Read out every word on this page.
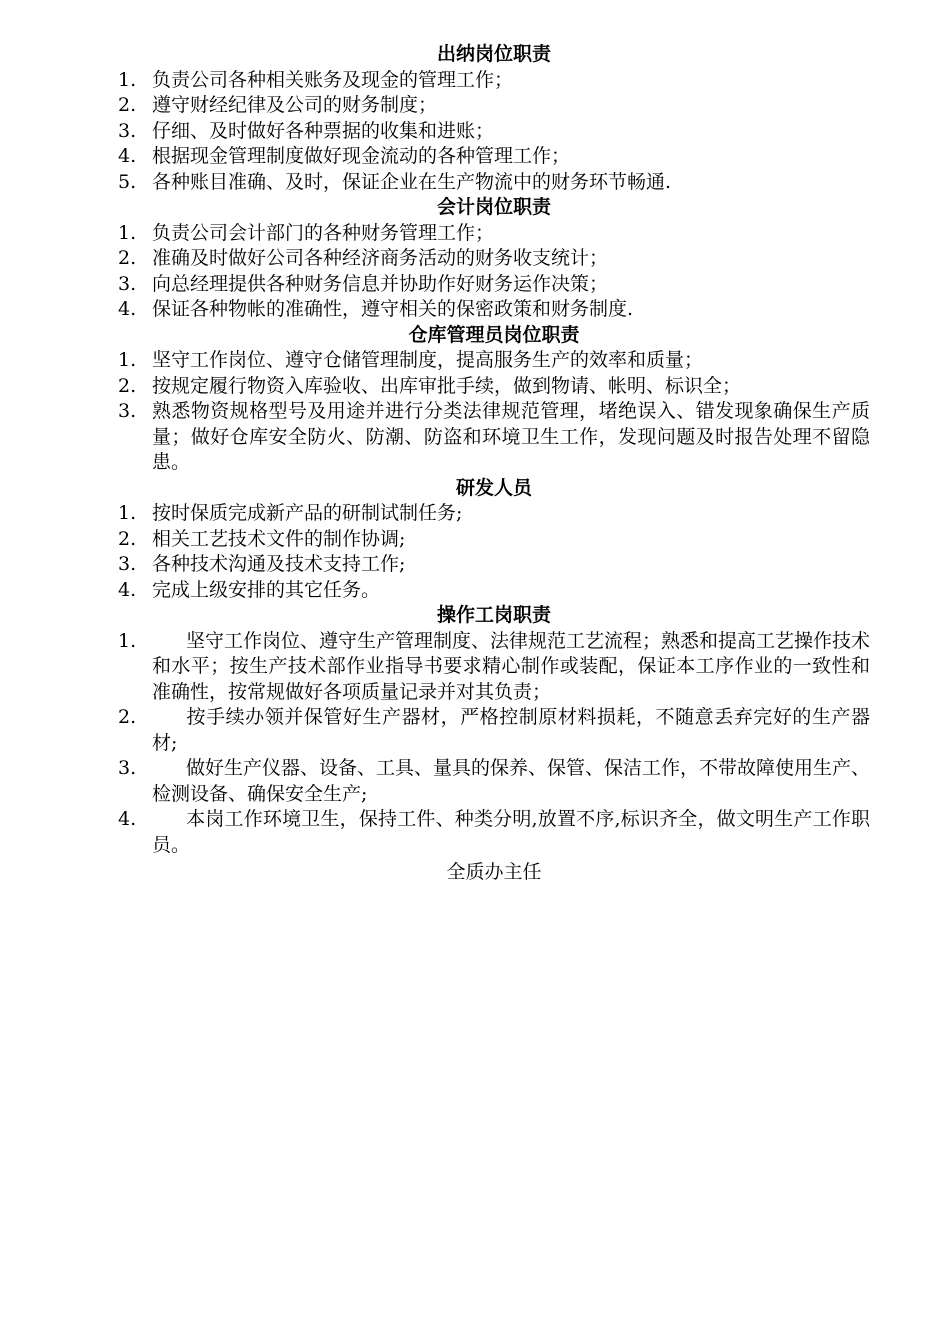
出纳岗位职责
1. 负责公司各种相关账务及现金的管理工作；
2. 遵守财经纪律及公司的财务制度；
3. 仔细、及时做好各种票据的收集和进账；
4. 根据现金管理制度做好现金流动的各种管理工作；
5. 各种账目准确、及时，保证企业在生产物流中的财务环节畅通.
会计岗位职责
1. 负责公司会计部门的各种财务管理工作；
2. 准确及时做好公司各种经济商务活动的财务收支统计；
3. 向总经理提供各种财务信息并协助作好财务运作决策；
4. 保证各种物帐的准确性，遵守相关的保密政策和财务制度.
仓库管理员岗位职责
1. 坚守工作岗位、遵守仓储管理制度，提高服务生产的效率和质量；
2. 按规定履行物资入库验收、出库审批手续，做到物请、帐明、标识全；
3. 熟悉物资规格型号及用途并进行分类法律规范管理，堵绝误入、错发现象确保生产质量；做好仓库安全防火、防潮、防盗和环境卫生工作，发现问题及时报告处理不留隐患。
研发人员
1. 按时保质完成新产品的研制试制任务;
2. 相关工艺技术文件的制作协调;
3. 各种技术沟通及技术支持工作;
4. 完成上级安排的其它任务。
操作工岗职责
1.	坚守工作岗位、遵守生产管理制度、法律规范工艺流程；熟悉和提高工艺操作技术和水平；按生产技术部作业指导书要求精心制作或装配，保证本工序作业的一致性和准确性，按常规做好各项质量记录并对其负责；
2.	按手续办领并保管好生产器材，严格控制原材料损耗，不随意丢弃完好的生产器材;
3.	做好生产仪器、设备、工具、量具的保养、保管、保洁工作，不带故障使用生产、检测设备、确保安全生产;
4.	本岗工作环境卫生，保持工件、种类分明,放置不序,标识齐全，做文明生产工作职员。
全质办主任
